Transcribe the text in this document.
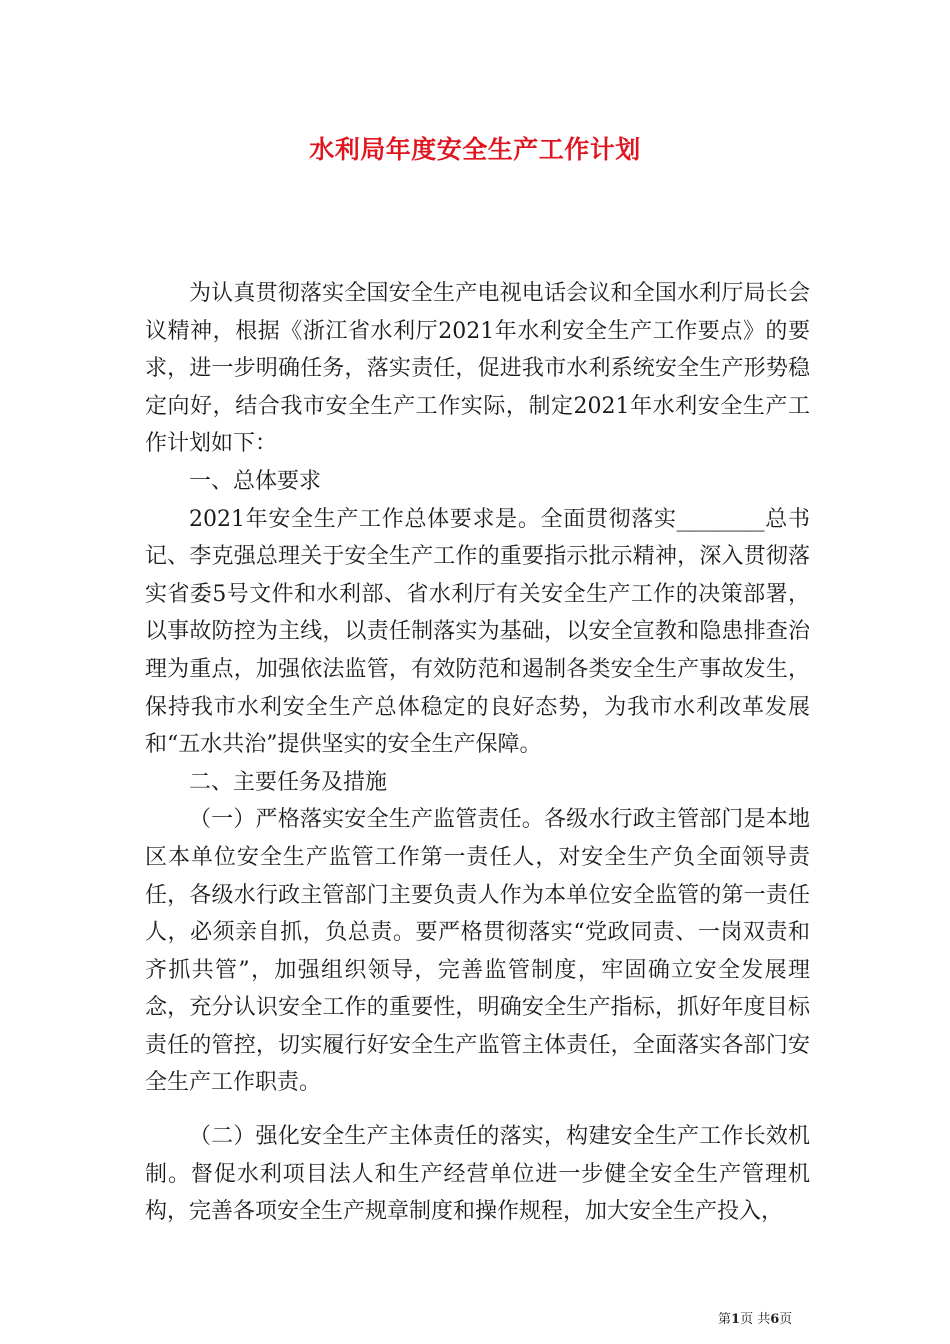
水利局年度安全生产工作计划

为认真贯彻落实全国安全生产电视电话会议和全国水利厅局长会议精神，根据《浙江省水利厅2021年水利安全生产工作要点》的要求，进一步明确任务，落实责任，促进我市水利系统安全生产形势稳定向好，结合我市安全生产工作实际，制定2021年水利安全生产工作计划如下：

一、总体要求

2021年安全生产工作总体要求是。全面贯彻落实________总书记、李克强总理关于安全生产工作的重要指示批示精神，深入贯彻落实省委5号文件和水利部、省水利厅有关安全生产工作的决策部署，以事故防控为主线，以责任制落实为基础，以安全宣教和隐患排查治理为重点，加强依法监管，有效防范和遏制各类安全生产事故发生，保持我市水利安全生产总体稳定的良好态势，为我市水利改革发展和“五水共治”提供坚实的安全生产保障。

二、主要任务及措施

（一）严格落实安全生产监管责任。各级水行政主管部门是本地区本单位安全生产监管工作第一责任人，对安全生产负全面领导责任，各级水行政主管部门主要负责人作为本单位安全监管的第一责任人，必须亲自抓，负总责。要严格贯彻落实“党政同责、一岗双责和齐抓共管”，加强组织领导，完善监管制度，牢固确立安全发展理念，充分认识安全工作的重要性，明确安全生产指标，抓好年度目标责任的管控，切实履行好安全生产监管主体责任，全面落实各部门安全生产工作职责。

（二）强化安全生产主体责任的落实，构建安全生产工作长效机制。督促水利项目法人和生产经营单位进一步健全安全生产管理机构，完善各项安全生产规章制度和操作规程，加大安全生产投入，

第1页 共6页
